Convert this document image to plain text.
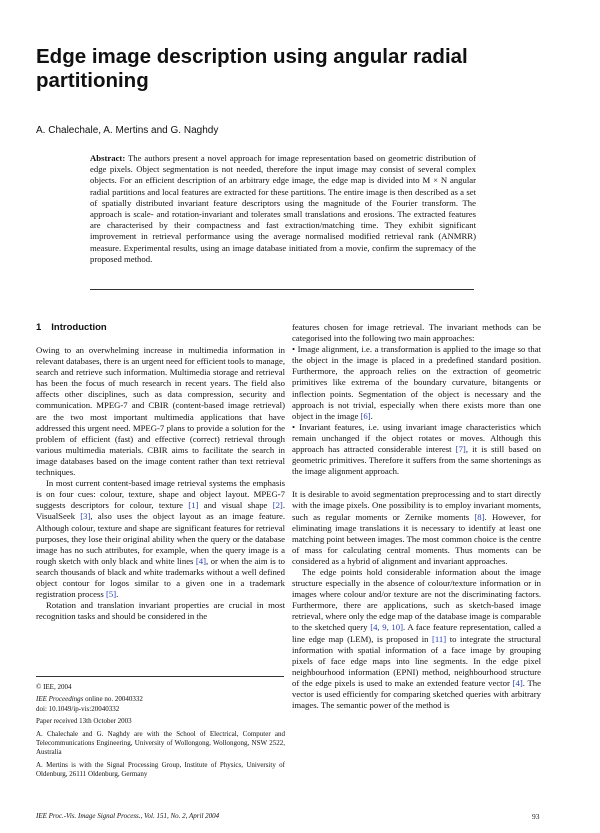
Edge image description using angular radial partitioning
A. Chalechale, A. Mertins and G. Naghdy

Abstract: The authors present a novel approach for image representation based on geometric distribution of edge pixels. Object segmentation is not needed, therefore the input image may consist of several complex objects. For an efficient description of an arbitrary edge image, the edge map is divided into M × N angular radial partitions and local features are extracted for these partitions. The entire image is then described as a set of spatially distributed invariant feature descriptors using the magnitude of the Fourier transform. The approach is scale- and rotation-invariant and tolerates small translations and erosions. The extracted features are characterised by their compactness and fast extraction/matching time. They exhibit significant improvement in retrieval performance using the average normalised modified retrieval rank (ANMRR) measure. Experimental results, using an image database initiated from a movie, confirm the supremacy of the proposed method.

1 Introduction

Owing to an overwhelming increase in multimedia information in relevant databases, there is an urgent need for efficient tools to manage, search and retrieve such information. Multimedia storage and retrieval has been the focus of much research in recent years. The field also affects other disciplines, such as data compression, security and communication. MPEG-7 and CBIR (content-based image retrieval) are the two most important multimedia applications that have addressed this urgent need. MPEG-7 plans to provide a solution for the problem of efficient (fast) and effective (correct) retrieval through various multimedia materials. CBIR aims to facilitate the search in image databases based on the image content rather than text retrieval techniques.

In most current content-based image retrieval systems the emphasis is on four cues: colour, texture, shape and object layout. MPEG-7 suggests descriptors for colour, texture [1] and visual shape [2]. VisualSeek [3], also uses the object layout as an image feature. Although colour, texture and shape are significant features for retrieval purposes, they lose their original ability when the query or the database image has no such attributes, for example, when the query image is a rough sketch with only black and white lines [4], or when the aim is to search thousands of black and white trademarks without a well defined object contour for logos similar to a given one in a trademark registration process [5].

Rotation and translation invariant properties are crucial in most recognition tasks and should be considered in the

© IEE, 2004

IEE Proceedings online no. 20040332
doi: 10.1049/ip-vis:20040332

Paper received 13th October 2003

A. Chalechale and G. Naghdy are with the School of Electrical, Computer and Telecommunications Engineering, University of Wollongong, Wollongong, NSW 2522, Australia

A. Mertins is with the Signal Processing Group, Institute of Physics, University of Oldenburg, 26111 Oldenburg, Germany

features chosen for image retrieval. The invariant methods can be categorised into the following two main approaches:

• Image alignment, i.e. a transformation is applied to the image so that the object in the image is placed in a predefined standard position. Furthermore, the approach relies on the extraction of geometric primitives like extrema of the boundary curvature, bitangents or inflection points. Segmentation of the object is necessary and the approach is not trivial, especially when there exists more than one object in the image [6].

• Invariant features, i.e. using invariant image characteristics which remain unchanged if the object rotates or moves. Although this approach has attracted considerable interest [7], it is still based on geometric primitives. Therefore it suffers from the same shortenings as the image alignment approach.

It is desirable to avoid segmentation preprocessing and to start directly with the image pixels. One possibility is to employ invariant moments, such as regular moments or Zernike moments [8]. However, for eliminating image translations it is necessary to identify at least one matching point between images. The most common choice is the centre of mass for calculating central moments. Thus moments can be considered as a hybrid of alignment and invariant approaches.

The edge points hold considerable information about the image structure especially in the absence of colour/texture information or in images where colour and/or texture are not the discriminating factors. Furthermore, there are applications, such as sketch-based image retrieval, where only the edge map of the database image is comparable to the sketched query [4, 9, 10]. A face feature representation, called a line edge map (LEM), is proposed in [11] to integrate the structural information with spatial information of a face image by grouping pixels of face edge maps into line segments. In the edge pixel neighbourhood information (EPNI) method, neighbourhood structure of the edge pixels is used to make an extended feature vector [4]. The vector is used efficiently for comparing sketched queries with arbitrary images. The semantic power of the method is

IEE Proc.-Vis. Image Signal Process., Vol. 151, No. 2, April 2004	93
